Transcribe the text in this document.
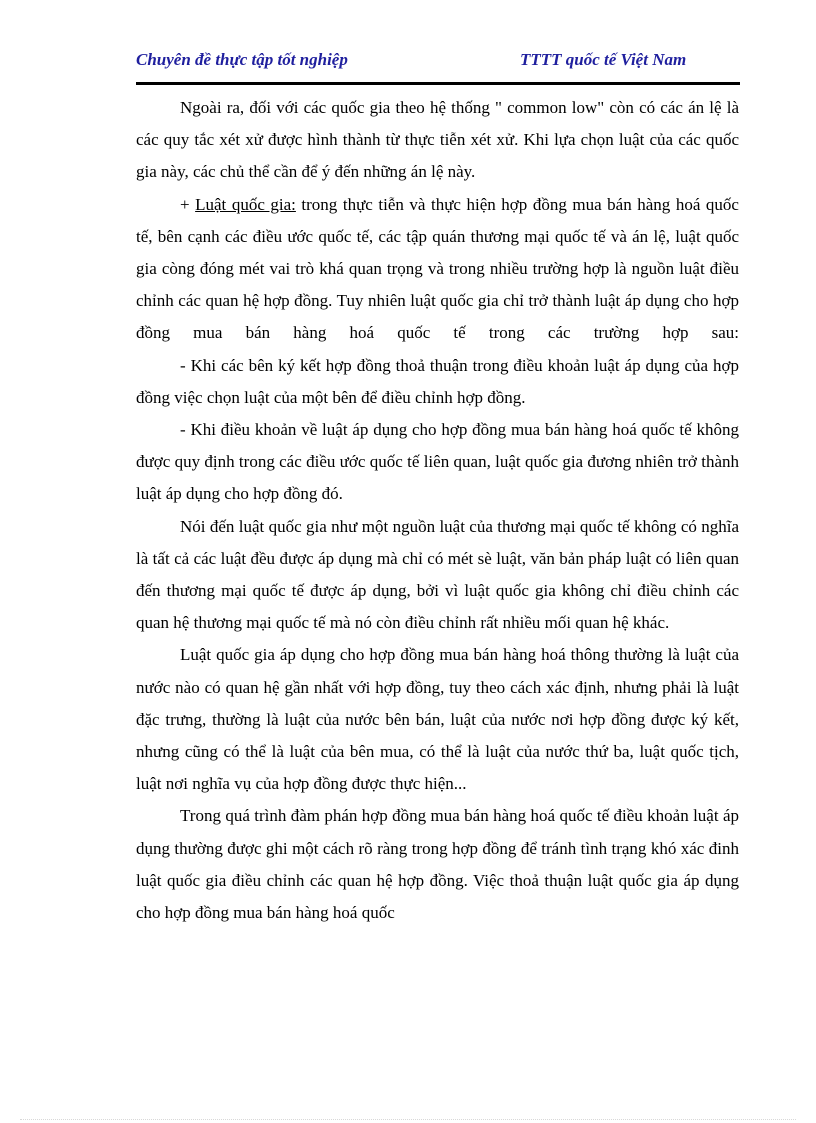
Chuyên đề thực tập tốt nghiệp	TTTT quốc tế Việt Nam

Ngoài ra, đối với các quốc gia theo hệ thống " common low" còn có các án lệ là các quy tắc xét xử được hình thành từ thực tiễn xét xử. Khi lựa chọn luật của các quốc gia này, các chủ thể cần để ý đến những án lệ này.

+ Luật quốc gia: trong thực tiễn và thực hiện hợp đồng mua bán hàng hoá quốc tế, bên cạnh các điều ước quốc tế, các tập quán thương mại quốc tế và án lệ, luật quốc gia còng đóng mét vai trò khá quan trọng và trong nhiều trường hợp là nguồn luật điều chỉnh các quan hệ hợp đồng. Tuy nhiên luật quốc gia chỉ trở thành luật áp dụng cho hợp đồng mua bán hàng hoá quốc tế trong các trường hợp sau:

- Khi các bên ký kết hợp đồng thoả thuận trong điều khoản luật áp dụng của hợp đồng việc chọn luật của một bên để điều chỉnh hợp đồng.

- Khi điều khoản về luật áp dụng cho hợp đồng mua bán hàng hoá quốc tế không được quy định trong các điều ước quốc tế liên quan, luật quốc gia đương nhiên trở thành luật áp dụng cho hợp đồng đó.

Nói đến luật quốc gia như một nguồn luật của thương mại quốc tế không có nghĩa là tất cả các luật đều được áp dụng mà chỉ có mét sè luật, văn bản pháp luật có liên quan đến thương mại quốc tế được áp dụng, bởi vì luật quốc gia không chỉ điều chỉnh các quan hệ thương mại quốc tế mà nó còn điều chỉnh rất nhiều mối quan hệ khác.

Luật quốc gia áp dụng cho hợp đồng mua bán hàng hoá thông thường là luật của nước nào có quan hệ gần nhất với hợp đồng, tuy theo cách xác định, nhưng phải là luật đặc trưng, thường là luật của nước bên bán, luật của nước nơi hợp đồng được ký kết, nhưng cũng có thể là luật của bên mua, có thể là luật của nước thứ ba, luật quốc tịch, luật nơi nghĩa vụ của hợp đồng được thực hiện...

Trong quá trình đàm phán hợp đồng mua bán hàng hoá quốc tế điều khoản luật áp dụng thường được ghi một cách rõ ràng trong hợp đồng để tránh tình trạng khó xác đinh luật quốc gia điều chỉnh các quan hệ hợp đồng. Việc thoả thuận luật quốc gia áp dụng cho hợp đồng mua bán hàng hoá quốc
